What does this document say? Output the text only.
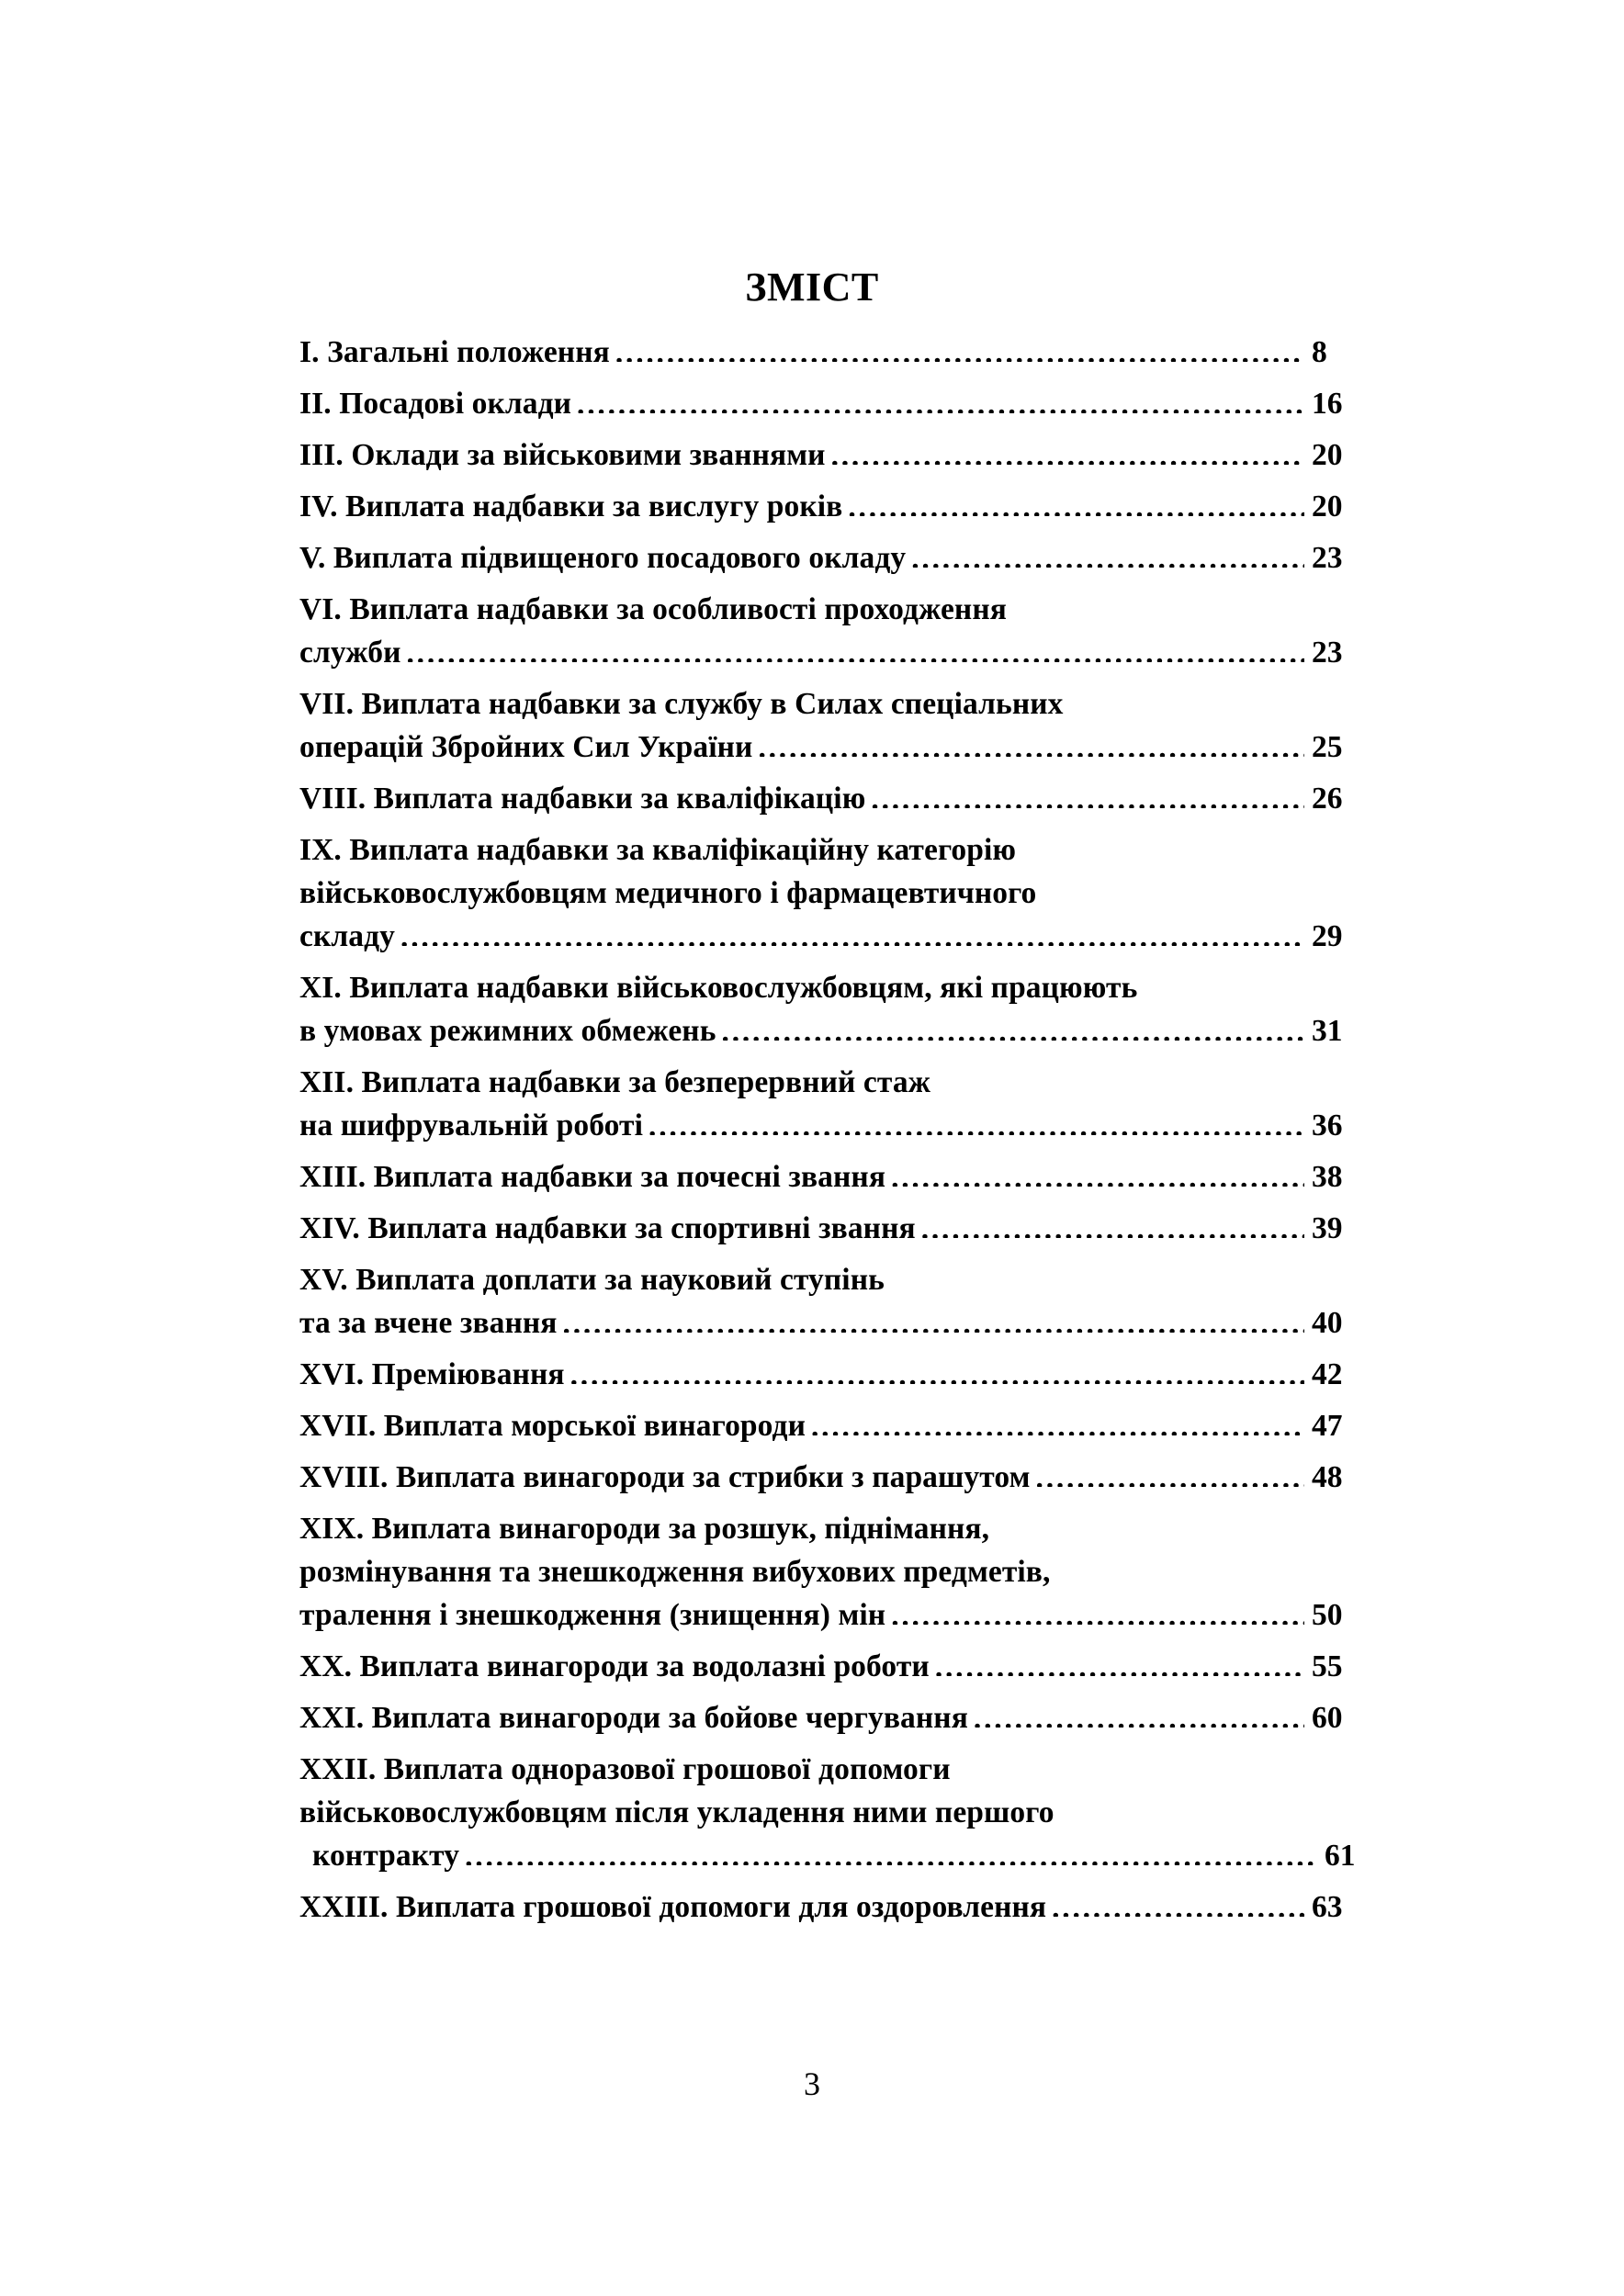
ЗМІСТ
I. Загальні положення .....	8
II. Посадові оклади .....	16
III. Оклади за військовими званнями .....	20
IV. Виплата надбавки за вислугу років .....	20
V. Виплата підвищеного посадового окладу .....	23
VI. Виплата надбавки за особливості проходження
служби .....	23
VII. Виплата надбавки за службу в Силах спеціальних
операцій Збройних Сил України .....	25
VIII. Виплата надбавки за кваліфікацію .....	26
IX. Виплата надбавки за кваліфікаційну категорію
військовослужбовцям медичного і фармацевтичного
складу .....	29
XI. Виплата надбавки військовослужбовцям, які працюють
в умовах режимних обмежень .....	31
XII. Виплата надбавки за безперервний стаж
на шифрувальній роботі .....	36
XIII. Виплата надбавки за почесні звання .....	38
XIV. Виплата надбавки за спортивні звання .....	39
XV. Виплата доплати за науковий ступінь
та за вчене звання .....	40
XVI. Преміювання .....	42
XVII. Виплата морської винагороди .....	47
XVIII. Виплата винагороди за стрибки з парашутом .....	48
XIX. Виплата винагороди за розшук, піднімання,
розмінування та знешкодження вибухових предметів,
тралення і знешкодження (знищення) мін .....	50
XX. Виплата винагороди за водолазні роботи .....	55
XXI. Виплата винагороди за бойове чергування .....	60
XXII. Виплата одноразової грошової допомоги
військовослужбовцям після укладення ними першого
контракту .....	61
XXIII. Виплата грошової допомоги для оздоровлення .....	63
3
